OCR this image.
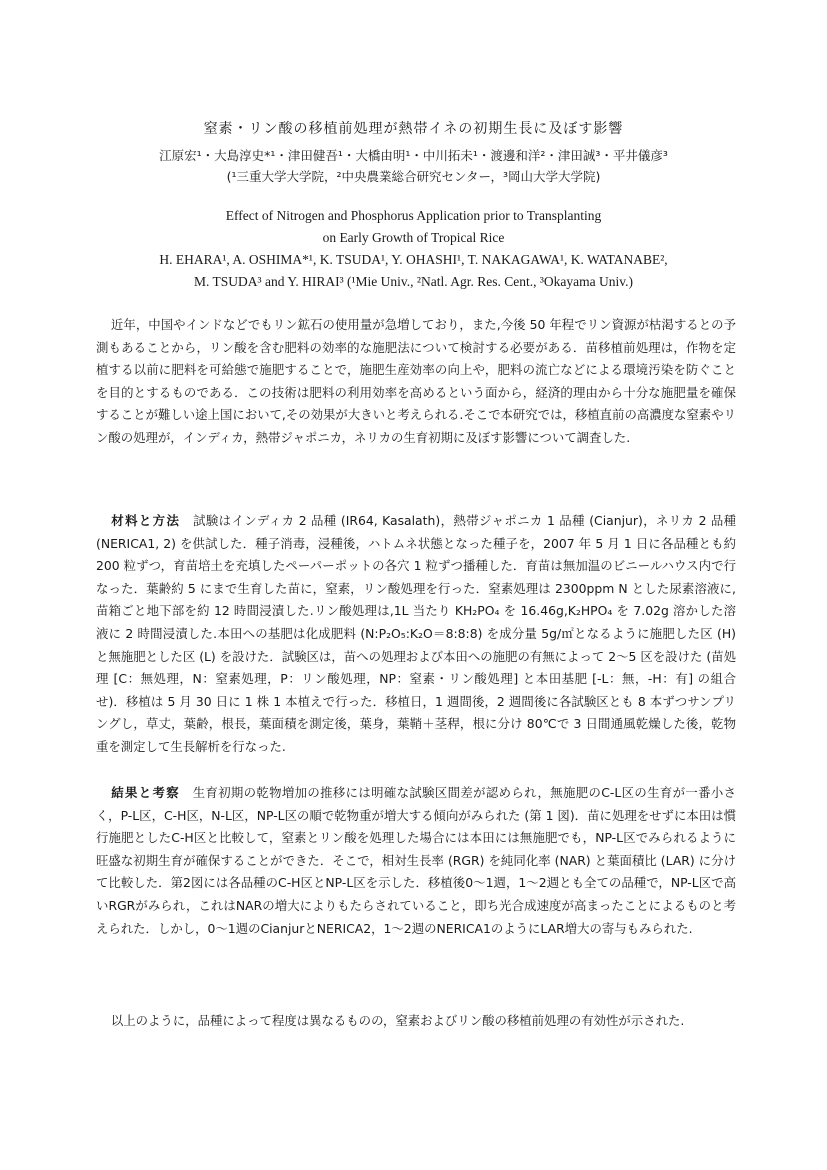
窒素・リン酸の移植前処理が熱帯イネの初期生長に及ぼす影響
江原宏¹・大島淳史*¹・津田健吾¹・大橋由明¹・中川拓未¹・渡邊和洋²・津田誠³・平井儀彦³
(¹三重大学大学院，²中央農業総合研究センター，³岡山大学大学院)
Effect of Nitrogen and Phosphorus Application prior to Transplanting
on Early Growth of Tropical Rice
H. EHARA¹, A. OSHIMA*¹, K. TSUDA¹, Y. OHASHI¹, T. NAKAGAWA¹, K. WATANABE²,
M. TSUDA³ and Y. HIRAI³ (¹Mie Univ., ²Natl. Agr. Res. Cent., ³Okayama Univ.)
近年，中国やインドなどでもリン鉱石の使用量が急増しており，また,今後 50 年程でリン資源が枯渇するとの予測もあることから，リン酸を含む肥料の効率的な施肥法について検討する必要がある．苗移植前処理は，作物を定植する以前に肥料を可給態で施肥することで，施肥生産効率の向上や，肥料の流亡などによる環境汚染を防ぐことを目的とするものである．この技術は肥料の利用効率を高めるという面から，経済的理由から十分な施肥量を確保することが難しい途上国において,その効果が大きいと考えられる.そこで本研究では，移植直前の高濃度な窒素やリン酸の処理が，インディカ，熱帯ジャポニカ，ネリカの生育初期に及ぼす影響について調査した.
材料と方法　 試験はインディカ 2 品種 (IR64, Kasalath)，熱帯ジャポニカ 1 品種 (Cianjur)，ネリカ 2 品種 (NERICA1, 2) を供試した．種子消毒，浸種後，ハトムネ状態となった種子を，2007 年 5 月 1 日に各品種とも約 200 粒ずつ，育苗培土を充填したペーパーポットの各穴 1 粒ずつ播種した．育苗は無加温のビニールハウス内で行なった．葉齢約 5 にまで生育した苗に，窒素，リン酸処理を行った．窒素処理は 2300ppm N とした尿素溶液に,苗箱ごと地下部を約 12 時間浸漬した.リン酸処理は,1L 当たり KH₂PO₄ を 16.46g,K₂HPO₄ を 7.02g 溶かした溶液に 2 時間浸漬した.本田への基肥は化成肥料 (N:P₂O₅:K₂O＝8:8:8) を成分量 5g/㎡となるように施肥した区 (H) と無施肥とした区 (L) を設けた．試験区は，苗への処理および本田への施肥の有無によって 2～5 区を設けた (苗処理 [C：無処理，N：窒素処理，P：リン酸処理，NP：窒素・リン酸処理] と本田基肥 [-L：無，-H：有] の組合せ)．移植は 5 月 30 日に 1 株 1 本植えで行った．移植日，1 週間後，2 週間後に各試験区とも 8 本ずつサンプリングし，草丈，葉齢，根長，葉面積を測定後，葉身，葉鞘＋茎稈，根に分け 80℃で 3 日間通風乾燥した後，乾物重を測定して生長解析を行なった.
結果と考察　 生育初期の乾物増加の推移には明確な試験区間差が認められ，無施肥のC-L区の生育が一番小さく，P-L区，C-H区，N-L区，NP-L区の順で乾物重が増大する傾向がみられた (第 1 図)．苗に処理をせずに本田は慣行施肥としたC-H区と比較して，窒素とリン酸を処理した場合には本田には無施肥でも，NP-L区でみられるように旺盛な初期生育が確保することができた．そこで，相対生長率 (RGR) を純同化率 (NAR) と葉面積比 (LAR) に分けて比較した．第2図には各品種のC-H区とNP-L区を示した．移植後0～1週，1～2週とも全ての品種で，NP-L区で高いRGRがみられ，これはNARの増大によりもたらされていること，即ち光合成速度が高まったことによるものと考えられた．しかし，0～1週のCianjurとNERICA2，1～2週のNERICA1のようにLAR増大の寄与もみられた.
以上のように，品種によって程度は異なるものの，窒素およびリン酸の移植前処理の有効性が示された.
